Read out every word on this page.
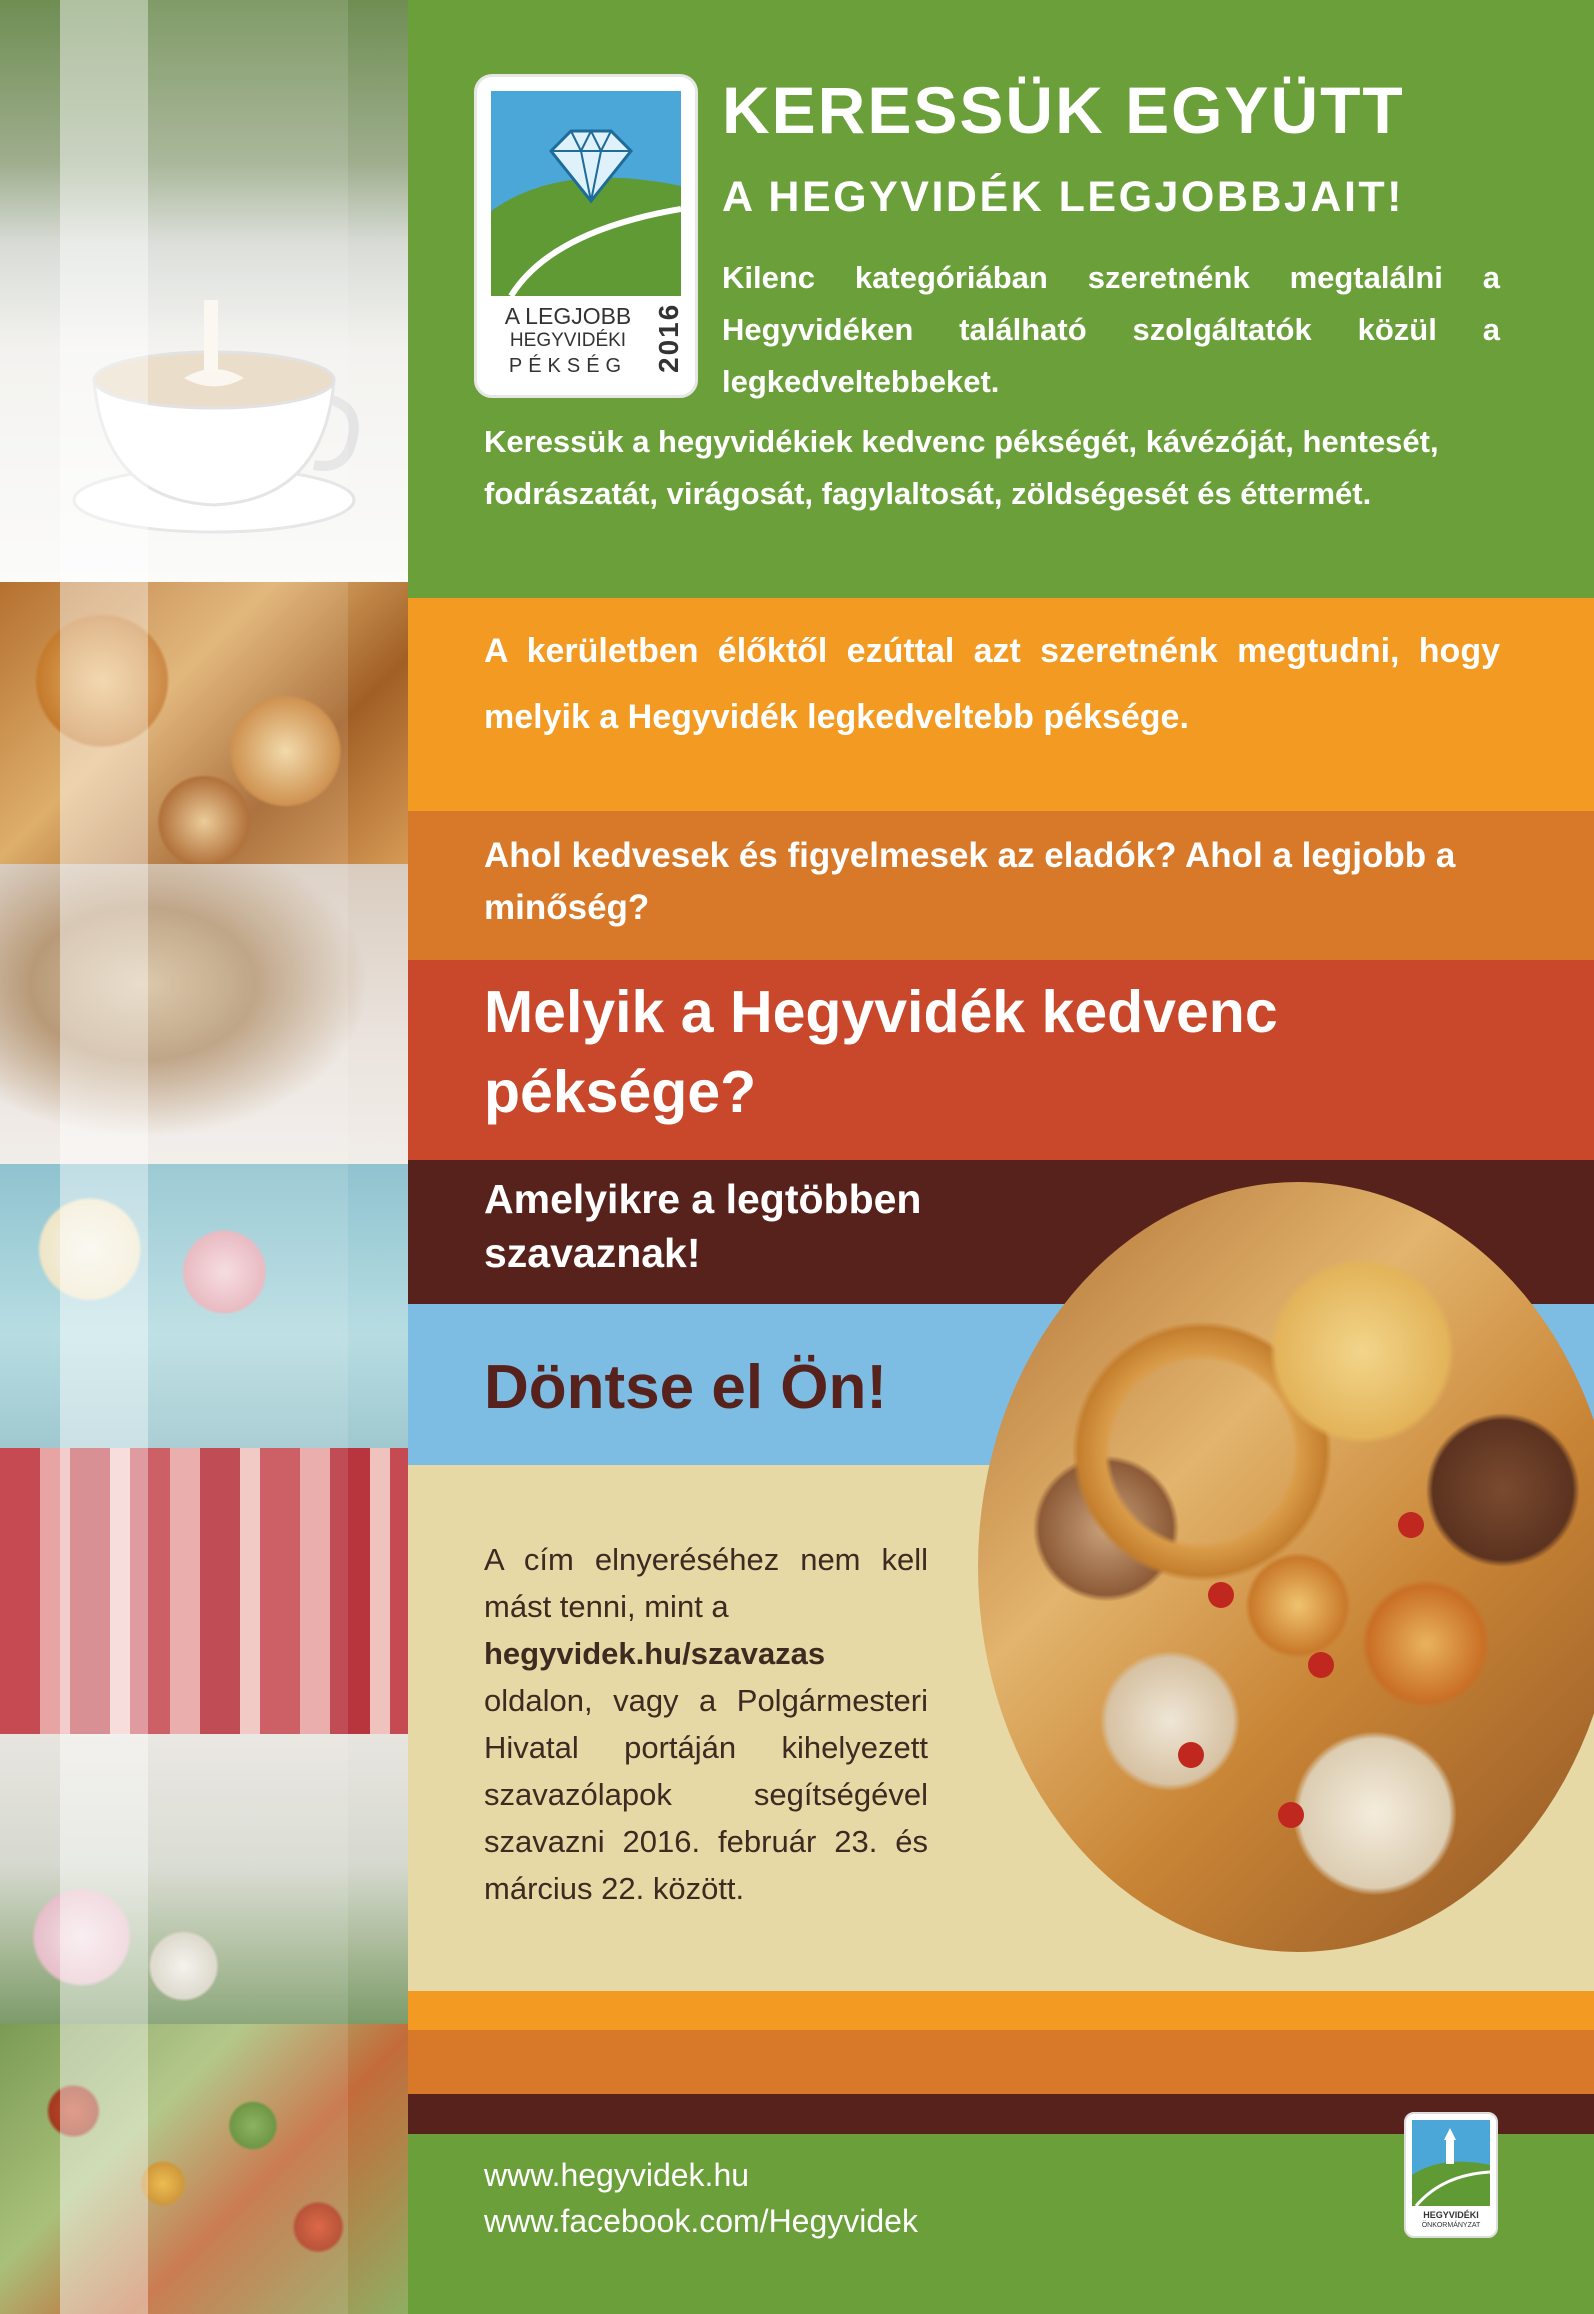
A LEGJOBB
HEGYVIDÉKI
PÉKSÉG 2016

KERESSÜK EGYÜTT

A HEGYVIDÉK LEGJOBBJAIT!

Kilenc kategóriában szeretnénk megtalálni a Hegyvidéken található szolgáltatók közül a legkedveltebbeket.

Keressük a hegyvidékiek kedvenc pékségét, kávézóját, hentesét, fodrászatát, virágosát, fagylaltosát, zöldségesét és éttermét.

A kerületben élőktől ezúttal azt szeretnénk megtudni, hogy melyik a Hegyvidék legkedveltebb péksége.

Ahol kedvesek és figyelmesek az eladók? Ahol a legjobb a minőség?

Melyik a Hegyvidék kedvenc péksége?

Amelyikre a legtöbben szavaznak!

Döntse el Ön!

A cím elnyeréséhez nem kell mást tenni, mint a
hegyvidek.hu/szavazas
oldalon, vagy a Polgármesteri Hivatal portáján kihelyezett szavazólapok segítségével szavazni 2016. február 23. és március 22. között.

www.hegyvidek.hu

www.facebook.com/Hegyvidek	HEGYVIDÉKI
ÖNKORMÁNYZAT
